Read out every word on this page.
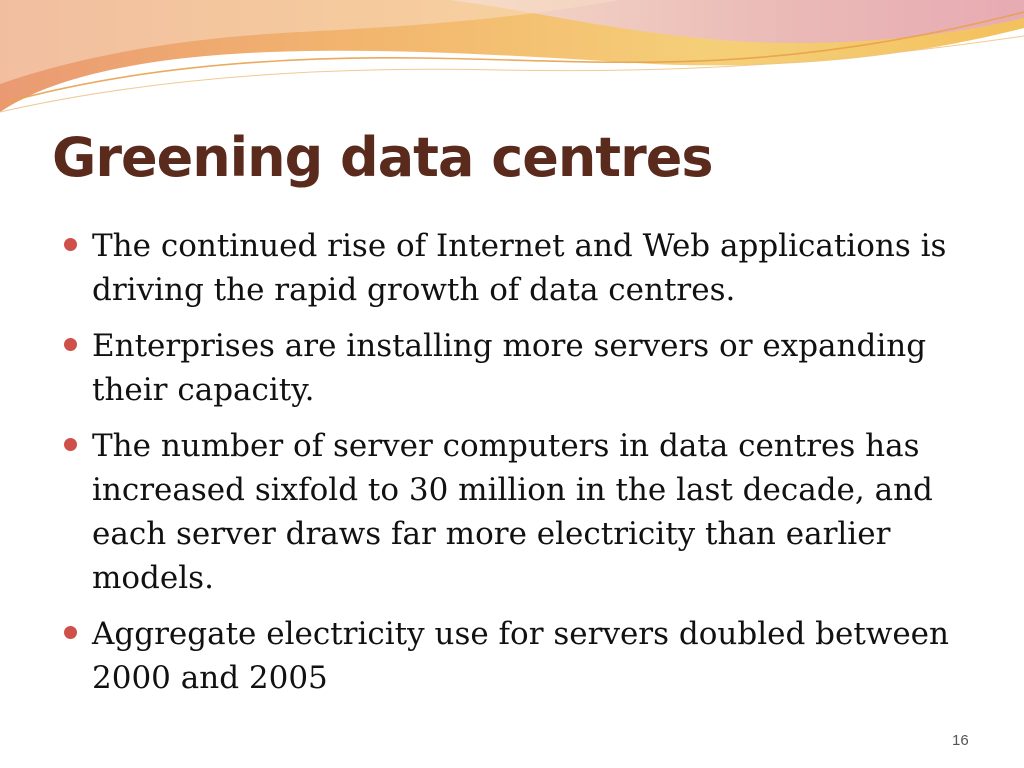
Greening data centres
The continued rise of Internet and Web applications is driving the rapid growth of data centres.
Enterprises are installing more servers or expanding their capacity.
The number of server computers in data centres has increased sixfold to 30 million in the last decade, and each server draws far more electricity than earlier models.
Aggregate electricity use for servers doubled between 2000 and 2005
16
